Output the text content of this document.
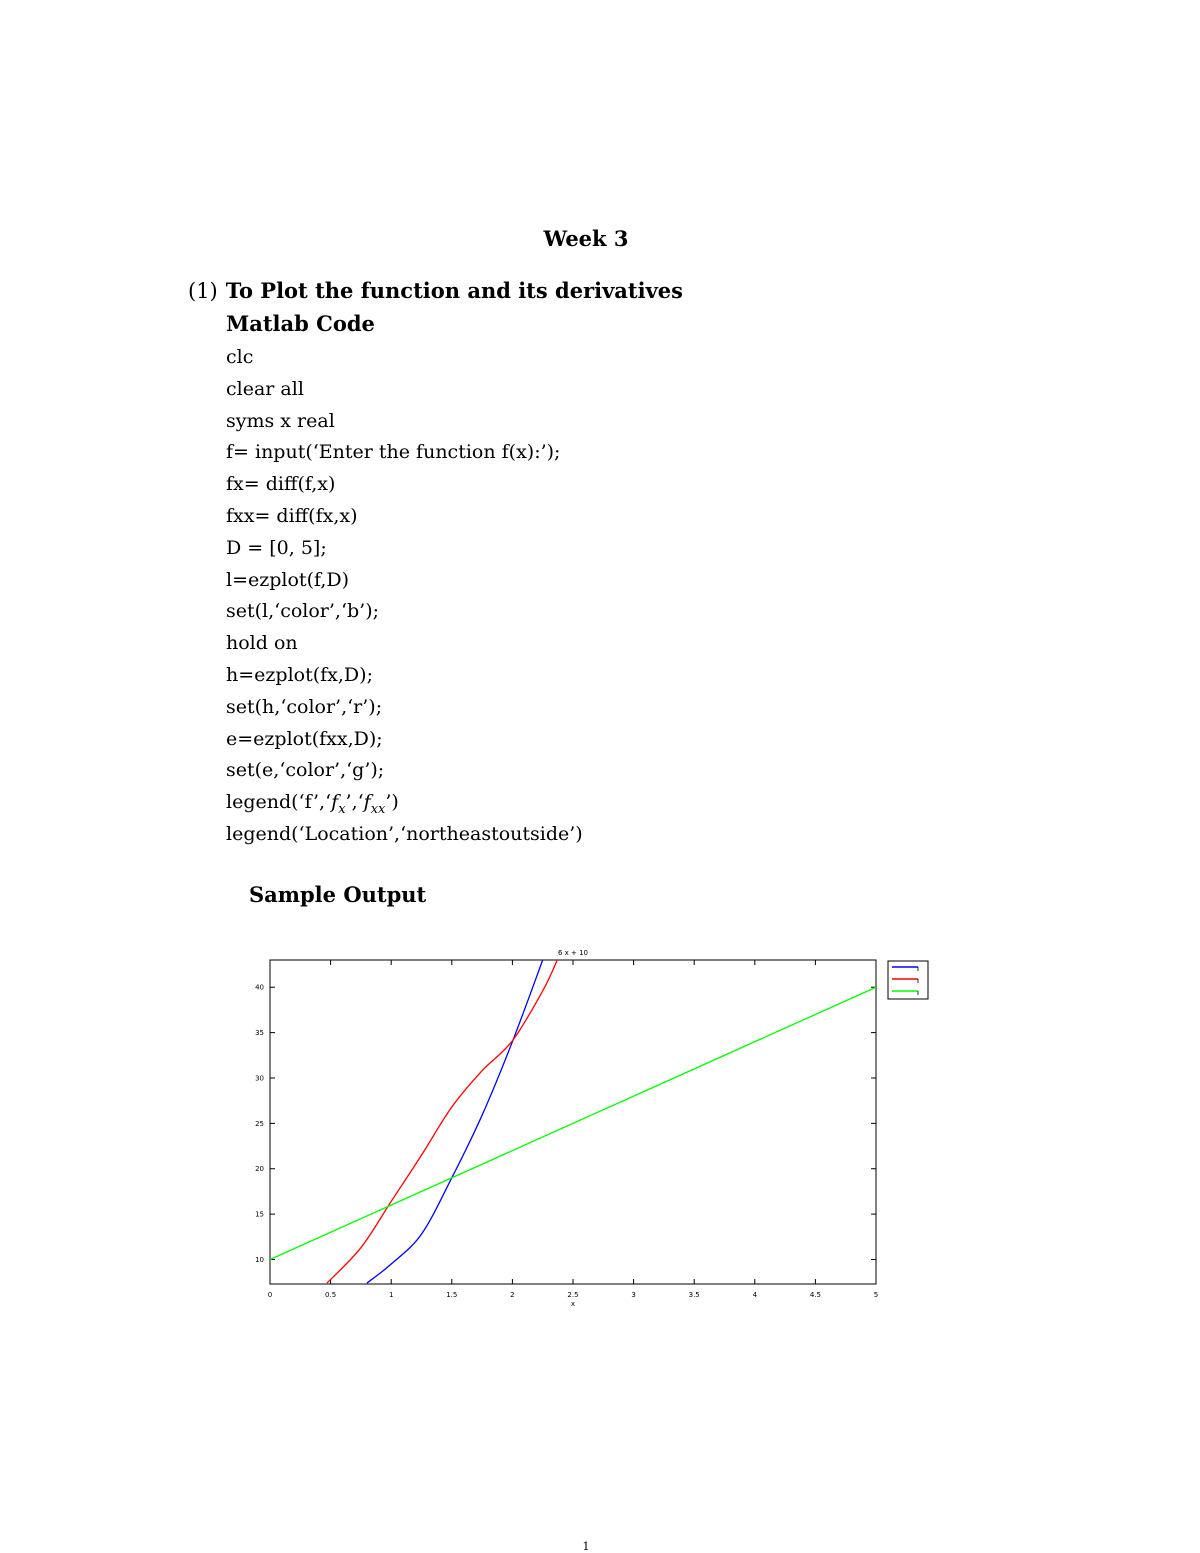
Week 3
(1) To Plot the function and its derivatives
Matlab Code
clc
clear all
syms x real
f= input(‘Enter the function f(x):’);
fx= diff(f,x)
fxx= diff(fx,x)
D = [0, 5];
l=ezplot(f,D)
set(l,‘color’,‘b’);
hold on
h=ezplot(fx,D);
set(h,‘color’,‘r’);
e=ezplot(fxx,D);
set(e,‘color’,‘g’);
$legend(‘f’,‘f_x’,‘f_{xx}’)$
legend(‘Location’,‘northeastoutside’)
Sample Output
0	0.5	1	1.5	2	2.5	3	3.5	4	4.5	5
10
15
20
25
30
35
40
6 x + 10
x
1
